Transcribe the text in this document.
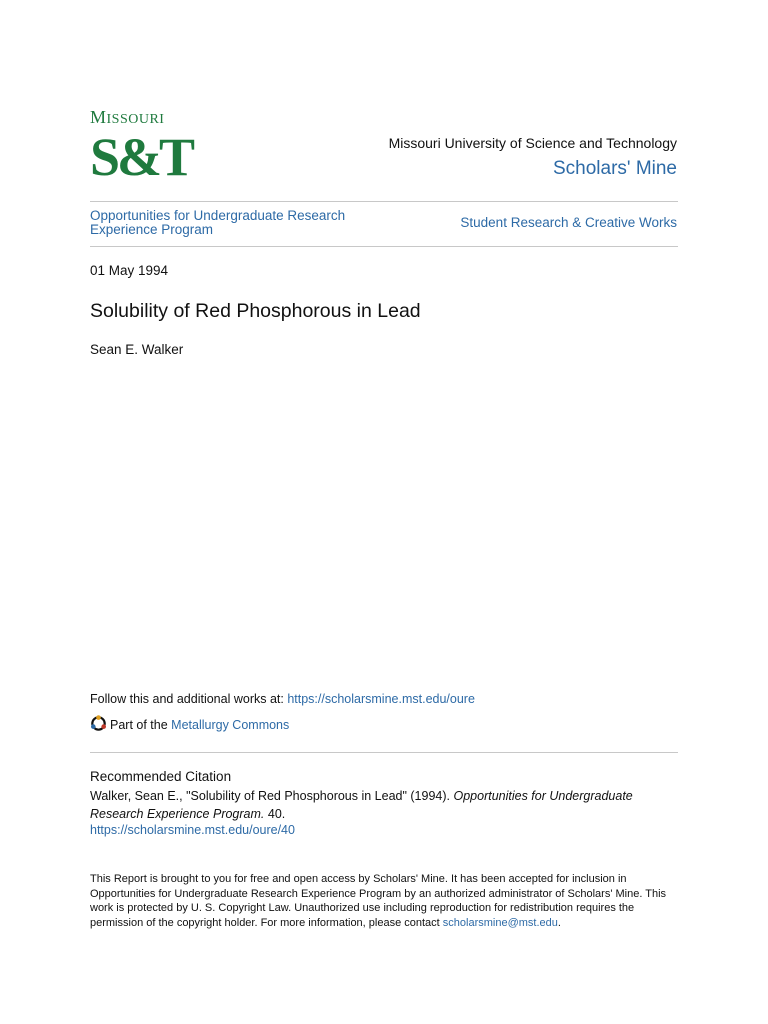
MISSOURI
S&T	Missouri University of Science and Technology
Scholars' Mine
Opportunities for Undergraduate Research Experience Program	Student Research & Creative Works
01 May 1994
Solubility of Red Phosphorous in Lead
Sean E. Walker
Follow this and additional works at: https://scholarsmine.mst.edu/oure
Part of the
Metallurgy Commons
Recommended Citation
Walker, Sean E., "Solubility of Red Phosphorous in Lead" (1994). Opportunities for Undergraduate Research Experience Program. 40.
https://scholarsmine.mst.edu/oure/40
This Report is brought to you for free and open access by Scholars' Mine. It has been accepted for inclusion in Opportunities for Undergraduate Research Experience Program by an authorized administrator of Scholars' Mine. This work is protected by U. S. Copyright Law. Unauthorized use including reproduction for redistribution requires the permission of the copyright holder. For more information, please contact scholarsmine@mst.edu.
